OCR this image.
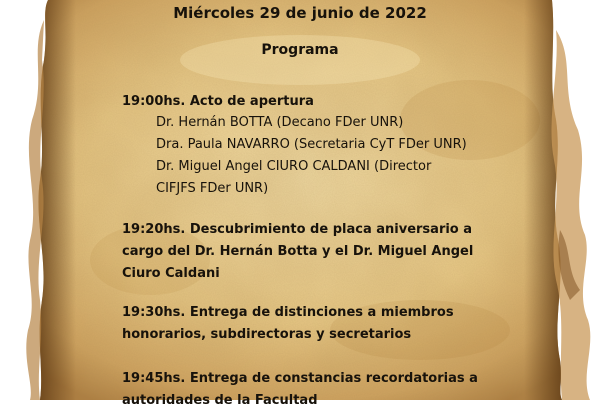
Miércoles 29 de junio de 2022
Programa
19:00hs. Acto de apertura
Dr. Hernán BOTTA (Decano FDer UNR)
Dra. Paula NAVARRO (Secretaria CyT FDer UNR)
Dr. Miguel Angel CIURO CALDANI (Director
CIFJFS FDer UNR)
19:20hs. Descubrimiento de placa aniversario a
cargo del Dr. Hernán Botta y el Dr. Miguel Angel
Ciuro Caldani
19:30hs. Entrega de distinciones a miembros
honorarios, subdirectoras y secretarios
19:45hs. Entrega de constancias recordatorias a
autoridades de la Facultad
